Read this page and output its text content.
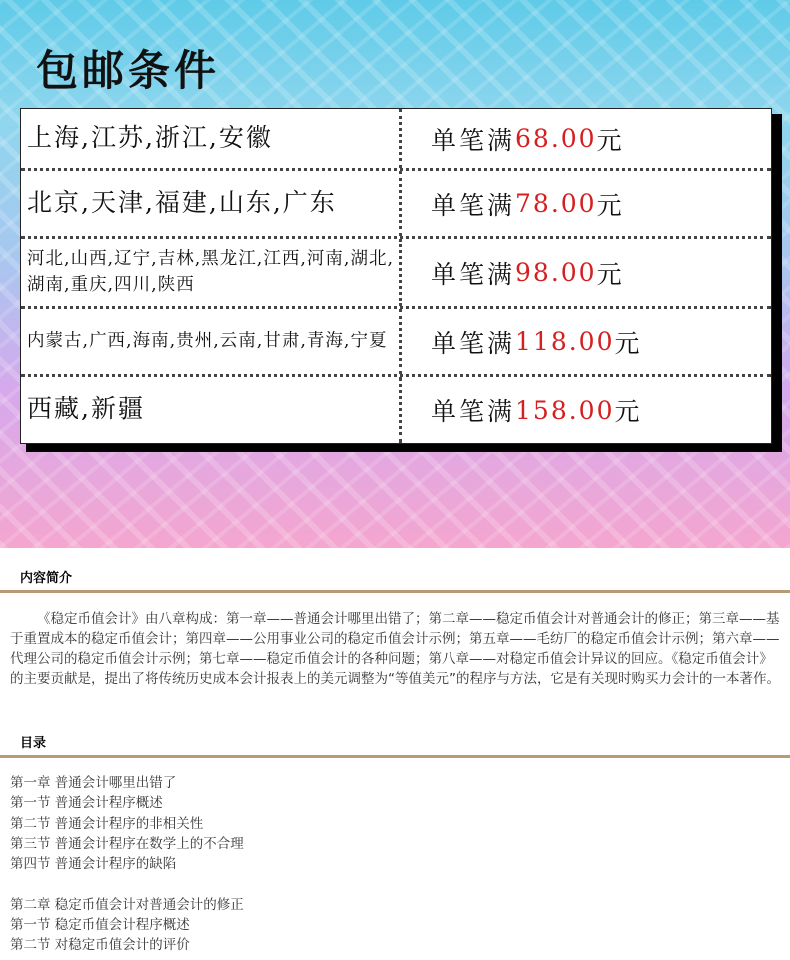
包邮条件
上海,江苏,浙江,安徽	单笔满 68.00 元
北京,天津,福建,山东,广东	单笔满 78.00 元
河北,山西,辽宁,吉林,黑龙江,江西,河南,湖北,湖南,重庆,四川,陕西	单笔满 98.00 元
内蒙古,广西,海南,贵州,云南,甘肃,青海,宁夏	单笔满 118.00 元
西藏,新疆	单笔满 158.00 元
内容简介

《稳定币值会计》由八章构成：第一章——普通会计哪里出错了；第二章——稳定币值会计对普通会计的修正；第三章——基于重置成本的稳定币值会计；第四章——公用事业公司的稳定币值会计示例；第五章——毛纺厂的稳定币值会计示例；第六章——代理公司的稳定币值会计示例；第七章——稳定币值会计的各种问题；第八章——对稳定币值会计异议的回应。《稳定币值会计》的主要贡献是，提出了将传统历史成本会计报表上的美元调整为“等值美元”的程序与方法，它是有关现时购买力会计的一本著作。

目录
第一章 普通会计哪里出错了
第一节 普通会计程序概述
第二节 普通会计程序的非相关性
第三节 普通会计程序在数学上的不合理
第四节 普通会计程序的缺陷
第二章 稳定币值会计对普通会计的修正
第一节 稳定币值会计程序概述
第二节 对稳定币值会计的评价
